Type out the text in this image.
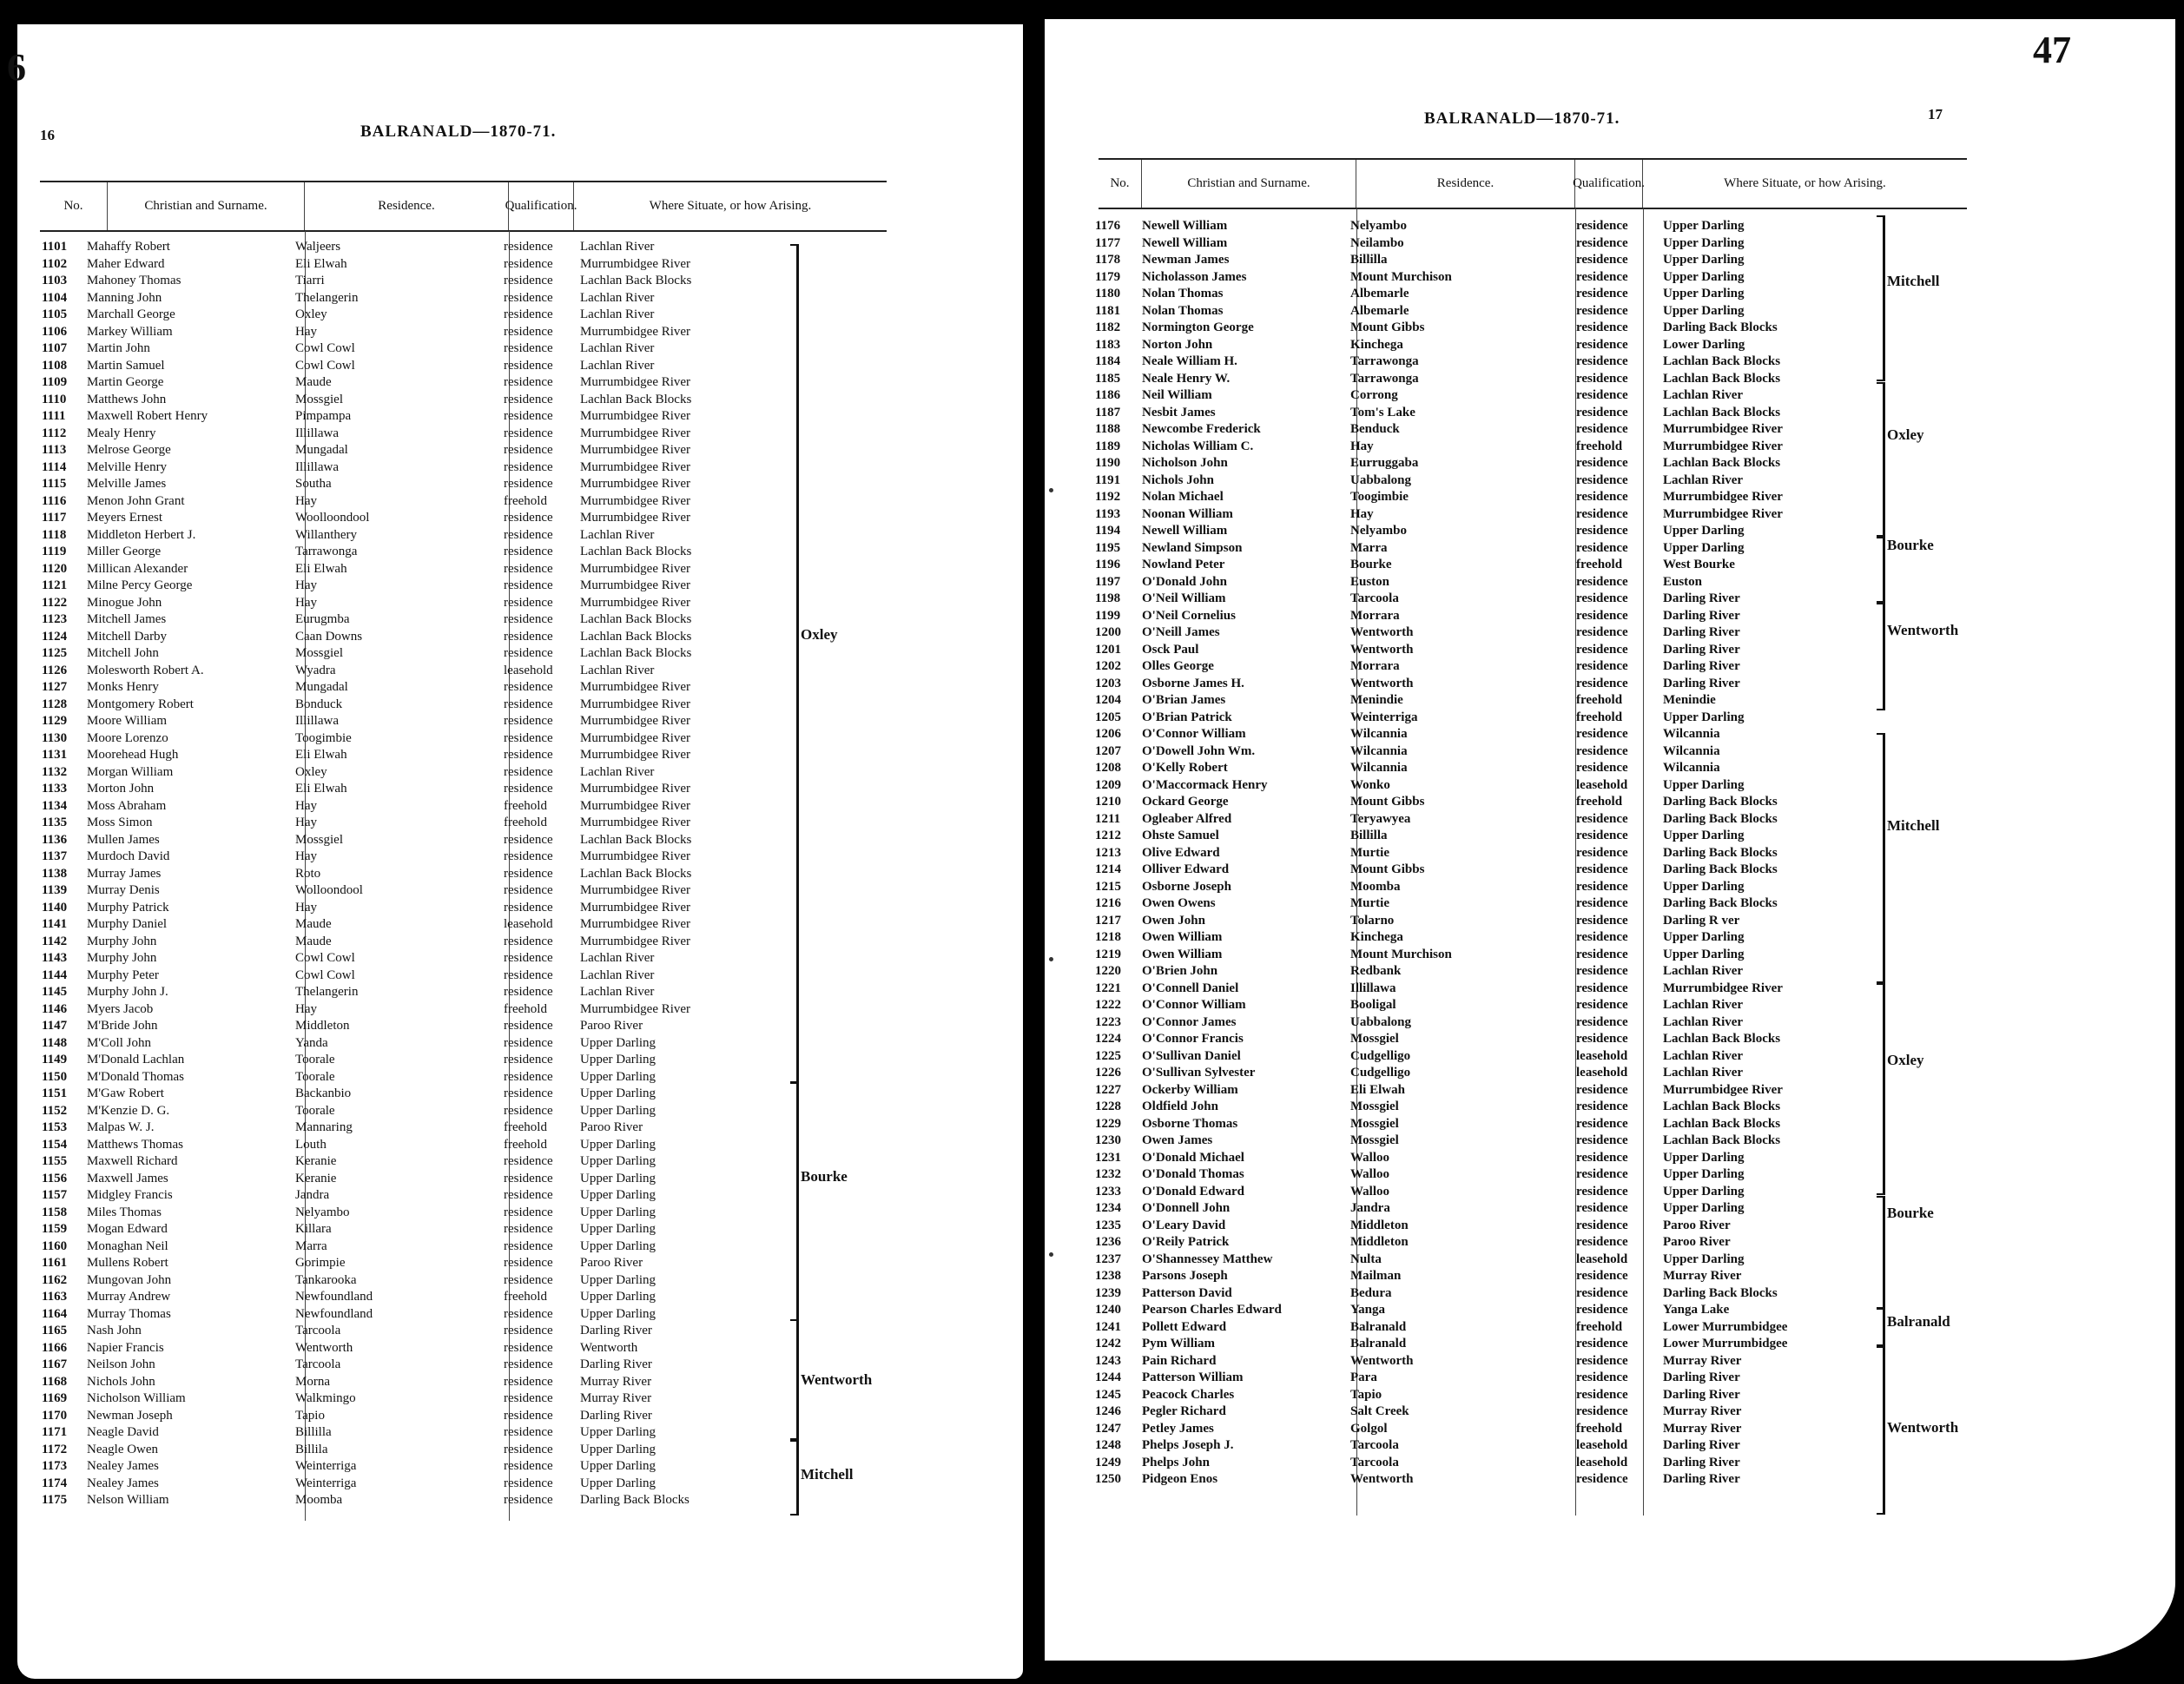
6
16	BALRANALD—1870-71.
No.	Christian and Surname.	Residence.	Qualification.	Where Situate, or how Arising.
1101 Mahaffy Robert	Waljeers	residence Lachlan River
1102 Maher Edward	Eli Elwah	residence Murrumbidgee River
1103 Mahoney Thomas	Tiarri	residence Lachlan Back Blocks
1104 Manning John	Thelangerin	residence Lachlan River
1105 Marchall George	Oxley	residence Lachlan River
1106 Markey William	Hay	residence Murrumbidgee River
1107 Martin John	Cowl Cowl	residence Lachlan River
1108 Martin Samuel	Cowl Cowl	residence Lachlan River
1109 Martin George	Maude	residence Murrumbidgee River
1110 Matthews John	Mossgiel	residence Lachlan Back Blocks
1111 Maxwell Robert Henry	Pimpampa	residence Murrumbidgee River
1112 Mealy Henry	Illillawa	residence Murrumbidgee River
1113 Melrose George	Mungadal	residence Murrumbidgee River
1114 Melville Henry	Illillawa	residence Murrumbidgee River
1115 Melville James	Southa	residence Murrumbidgee River
1116 Menon John Grant	Hay	freehold	Murrumbidgee River
1117 Meyers Ernest	Woolloondool	residence Murrumbidgee River
1118 Middleton Herbert J.	Willanthery	residence Lachlan River
1119 Miller George	Tarrawonga	residence Lachlan Back Blocks
1120 Millican Alexander	Eli Elwah	residence Murrumbidgee River
1121 Milne Percy George	Hay	residence Murrumbidgee River
1122 Minogue John	Hay	residence Murrumbidgee River
1123 Mitchell James	Eurugmba	residence Lachlan Back Blocks
1124 Mitchell Darby	Caan Downs	residence Lachlan Back Blocks
1125 Mitchell John	Mossgiel	residence Lachlan Back Blocks
1126 Molesworth Robert A.	Wyadra	leasehold Lachlan River
1127 Monks Henry	Mungadal	residence Murrumbidgee River
1128 Montgomery Robert	Bonduck	residence Murrumbidgee River
1129 Moore William	Illillawa	residence Murrumbidgee River
1130 Moore Lorenzo	Toogimbie	residence Murrumbidgee River
1131 Moorehead Hugh	Eli Elwah	residence Murrumbidgee River
1132 Morgan William	Oxley	residence Lachlan River
1133 Morton John	Eli Elwah	residence Murrumbidgee River
1134 Moss Abraham	Hay	freehold	Murrumbidgee River
1135 Moss Simon	Hay	freehold	Murrumbidgee River
1136 Mullen James	Mossgiel	residence Lachlan Back Blocks
1137 Murdoch David	Hay	residence Murrumbidgee River
1138 Murray James	Roto	residence Lachlan Back Blocks
1139 Murray Denis	Wolloondool	residence Murrumbidgee River
1140 Murphy Patrick	Hay	residence Murrumbidgee River
1141 Murphy Daniel	Maude	leasehold Murrumbidgee River
1142 Murphy John	Maude	residence Murrumbidgee River
1143 Murphy John	Cowl Cowl	residence Lachlan River
1144 Murphy Peter	Cowl Cowl	residence Lachlan River
1145 Murphy John J.	Thelangerin	residence Lachlan River
1146 Myers Jacob	Hay	freehold	Murrumbidgee River
1147 M'Bride John	Middleton	residence Paroo River
1148 M'Coll John	Yanda	residence Upper Darling
1149 M'Donald Lachlan	Toorale	residence Upper Darling
1150 M'Donald Thomas	Toorale	residence Upper Darling
1151 M'Gaw Robert	Backanbio	residence Upper Darling
1152 M'Kenzie D. G.	Toorale	residence Upper Darling
1153 Malpas W. J.	Mannaring	freehold	Paroo River
1154 Matthews Thomas	Louth	freehold	Upper Darling
1155 Maxwell Richard	Keranie	residence Upper Darling
1156 Maxwell James	Keranie	residence Upper Darling
1157 Midgley Francis	Jandra	residence Upper Darling
1158 Miles Thomas	Nelyambo	residence Upper Darling
1159 Mogan Edward	Killara	residence Upper Darling
1160 Monaghan Neil	Marra	residence Upper Darling
1161 Mullens Robert	Gorimpie	residence Paroo River
1162 Mungovan John	Tankarooka	residence Upper Darling
1163 Murray Andrew	Newfoundland	freehold	Upper Darling
1164 Murray Thomas	Newfoundland	residence Upper Darling
1165 Nash John	Tarcoola	residence Darling River
1166 Napier Francis	Wentworth	residence Wentworth
1167 Neilson John	Tarcoola	residence Darling River
1168 Nichols John	Morna	residence Murray River
1169 Nicholson William	Walkmingo	residence Murray River
1170 Newman Joseph	Tapio	residence Darling River
1171 Neagle David	Billilla	residence Upper Darling
1172 Neagle Owen	Billila	residence Upper Darling
1173 Nealey James	Weinterriga	residence Upper Darling
1174 Nealey James	Weinterriga	residence Upper Darling
1175 Nelson William	Moomba	residence Darling Back Blocks
Oxley
Bourke
Wentworth
Mitchell
47
17
BALRANALD—1870-71.
No.	Christian and Surname.	Residence.	Qualification.	Where Situate, or how Arising.
1176 Newell William	Nelyambo	residence	Upper Darling
1177 Newell William	Neilambo	residence	Upper Darling
1178 Newman James	Billilla	residence	Upper Darling
1179 Nicholasson James	Mount Murchison	residence	Upper Darling
1180 Nolan Thomas	Albemarle	residence	Upper Darling
1181 Nolan Thomas	Albemarle	residence	Upper Darling
1182 Normington George	Mount Gibbs	residence	Darling Back Blocks
1183 Norton John	Kinchega	residence	Lower Darling
1184 Neale William H.	Tarrawonga	residence	Lachlan Back Blocks
1185 Neale Henry W.	Tarrawonga	residence	Lachlan Back Blocks
1186 Neil William	Corrong	residence	Lachlan River
1187 Nesbit James	Tom's Lake	residence	Lachlan Back Blocks
1188 Newcombe Frederick	Benduck	residence	Murrumbidgee River
1189 Nicholas William C.	Hay	freehold	Murrumbidgee River
1190 Nicholson John	Eurruggaba	residence	Lachlan Back Blocks
1191 Nichols John	Uabbalong	residence	Lachlan River
1192 Nolan Michael	Toogimbie	residence	Murrumbidgee River
1193 Noonan William	Hay	residence	Murrumbidgee River
1194 Newell William	Nelyambo	residence	Upper Darling
1195 Newland Simpson	Marra	residence	Upper Darling
1196 Nowland Peter	Bourke	freehold	West Bourke
1197 O'Donald John	Euston	residence	Euston
1198 O'Neil William	Tarcoola	residence	Darling River
1199 O'Neil Cornelius	Morrara	residence	Darling River
1200 O'Neill James	Wentworth	residence	Darling River
1201 Osck Paul	Wentworth	residence	Darling River
1202 Olles George	Morrara	residence	Darling River
1203 Osborne James H.	Wentworth	residence	Darling River
1204 O'Brian James	Menindie	freehold	Menindie
1205 O'Brian Patrick	Weinterriga	freehold	Upper Darling
1206 O'Connor William	Wilcannia	residence	Wilcannia
1207 O'Dowell John Wm.	Wilcannia	residence	Wilcannia
1208 O'Kelly Robert	Wilcannia	residence	Wilcannia
1209 O'Maccormack Henry	Wonko	leasehold	Upper Darling
1210 Ockard George	Mount Gibbs	freehold	Darling Back Blocks
1211 Ogleaber Alfred	Teryawyea	residence	Darling Back Blocks
1212 Ohste Samuel	Billilla	residence	Upper Darling
1213 Olive Edward	Murtie	residence	Darling Back Blocks
1214 Olliver Edward	Mount Gibbs	residence	Darling Back Blocks
1215 Osborne Joseph	Moomba	residence	Upper Darling
1216 Owen Owens	Murtie	residence	Darling Back Blocks
1217 Owen John	Tolarno	residence	Darling R ver
1218 Owen William	Kinchega	residence	Upper Darling
1219 Owen William	Mount Murchison	residence	Upper Darling
1220 O'Brien John	Redbank	residence	Lachlan River
1221 O'Connell Daniel	Illillawa	residence	Murrumbidgee River
1222 O'Connor William	Booligal	residence	Lachlan River
1223 O'Connor James	Uabbalong	residence	Lachlan River
1224 O'Connor Francis	Mossgiel	residence	Lachlan Back Blocks
1225 O'Sullivan Daniel	Cudgelligo	leasehold	Lachlan River
1226 O'Sullivan Sylvester	Cudgelligo	leasehold	Lachlan River
1227 Ockerby William	Eli Elwah	residence	Murrumbidgee River
1228 Oldfield John	Mossgiel	residence	Lachlan Back Blocks
1229 Osborne Thomas	Mossgiel	residence	Lachlan Back Blocks
1230 Owen James	Mossgiel	residence	Lachlan Back Blocks
1231 O'Donald Michael	Walloo	residence	Upper Darling
1232 O'Donald Thomas	Walloo	residence	Upper Darling
1233 O'Donald Edward	Walloo	residence	Upper Darling
1234 O'Donnell John	Jandra	residence	Upper Darling
1235 O'Leary David	Middleton	residence	Paroo River
1236 O'Reily Patrick	Middleton	residence	Paroo River
1237 O'Shannessey Matthew	Nulta	leasehold	Upper Darling
1238 Parsons Joseph	Mailman	residence	Murray River
1239 Patterson David	Bedura	residence	Darling Back Blocks
1240 Pearson Charles Edward	Yanga	residence	Yanga Lake
1241 Pollett Edward	Balranald	freehold	Lower Murrumbidgee
1242 Pym William	Balranald	residence	Lower Murrumbidgee
1243 Pain Richard	Wentworth	residence	Murray River
1244 Patterson William	Para	residence	Darling River
1245 Peacock Charles	Tapio	residence	Darling River
1246 Pegler Richard	Salt Creek	residence	Murray River
1247 Petley James	Golgol	freehold	Murray River
1248 Phelps Joseph J.	Tarcoola	leasehold	Darling River
1249 Phelps John	Tarcoola	leasehold	Darling River
1250 Pidgeon Enos	Wentworth	residence	Darling River
Mitchell
Oxley
Bourke
Wentworth
Mitchell
Oxley
Bourke
Balranald
Wentworth
